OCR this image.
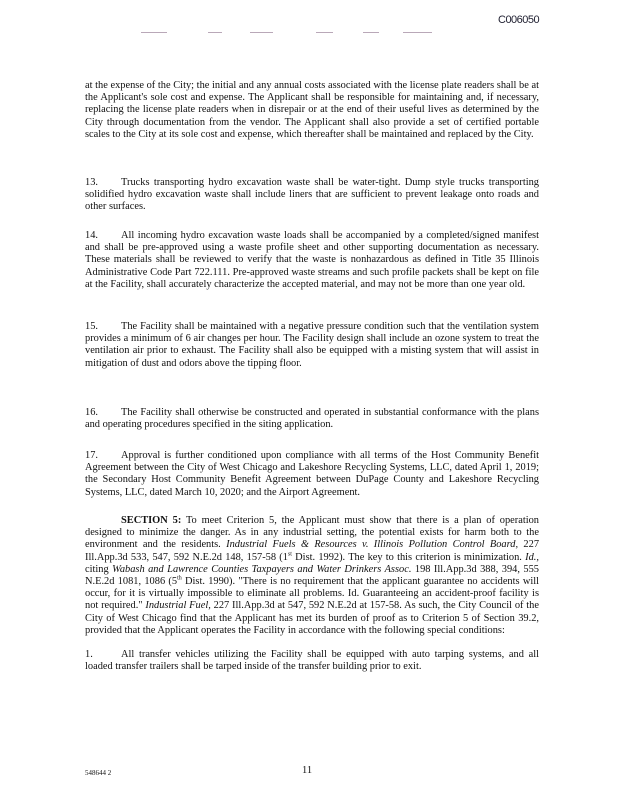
C006050

at the expense of the City; the initial and any annual costs associated with the license plate readers shall be at the Applicant's sole cost and expense. The Applicant shall be responsible for maintaining and, if necessary, replacing the license plate readers when in disrepair or at the end of their useful lives as determined by the City through documentation from the vendor. The Applicant shall also provide a set of certified portable scales to the City at its sole cost and expense, which thereafter shall be maintained and replaced by the City.

13. Trucks transporting hydro excavation waste shall be water-tight. Dump style trucks transporting solidified hydro excavation waste shall include liners that are sufficient to prevent leakage onto roads and other surfaces.

14. All incoming hydro excavation waste loads shall be accompanied by a completed/signed manifest and shall be pre-approved using a waste profile sheet and other supporting documentation as necessary. These materials shall be reviewed to verify that the waste is nonhazardous as defined in Title 35 Illinois Administrative Code Part 722.111. Pre-approved waste streams and such profile packets shall be kept on file at the Facility, shall accurately characterize the accepted material, and may not be more than one year old.

15. The Facility shall be maintained with a negative pressure condition such that the ventilation system provides a minimum of 6 air changes per hour. The Facility design shall include an ozone system to treat the ventilation air prior to exhaust. The Facility shall also be equipped with a misting system that will assist in mitigation of dust and odors above the tipping floor.

16. The Facility shall otherwise be constructed and operated in substantial conformance with the plans and operating procedures specified in the siting application.

17. Approval is further conditioned upon compliance with all terms of the Host Community Benefit Agreement between the City of West Chicago and Lakeshore Recycling Systems, LLC, dated April 1, 2019; the Secondary Host Community Benefit Agreement between DuPage County and Lakeshore Recycling Systems, LLC, dated March 10, 2020; and the Airport Agreement.

SECTION 5: To meet Criterion 5, the Applicant must show that there is a plan of operation designed to minimize the danger. As in any industrial setting, the potential exists for harm both to the environment and the residents. Industrial Fuels & Resources v. Illinois Pollution Control Board, 227 Ill.App.3d 533, 547, 592 N.E.2d 148, 157-58 (1st Dist. 1992). The key to this criterion is minimization. Id., citing Wabash and Lawrence Counties Taxpayers and Water Drinkers Assoc. 198 Ill.App.3d 388, 394, 555 N.E.2d 1081, 1086 (5th Dist. 1990). "There is no requirement that the applicant guarantee no accidents will occur, for it is virtually impossible to eliminate all problems. Id. Guaranteeing an accident-proof facility is not required." Industrial Fuel, 227 Ill.App.3d at 547, 592 N.E.2d at 157-58. As such, the City Council of the City of West Chicago find that the Applicant has met its burden of proof as to Criterion 5 of Section 39.2, provided that the Applicant operates the Facility in accordance with the following special conditions:

1.	All transfer vehicles utilizing the Facility shall be equipped with auto tarping systems, and all loaded transfer trailers shall be tarped inside of the transfer building prior to exit.

548644 2	11
